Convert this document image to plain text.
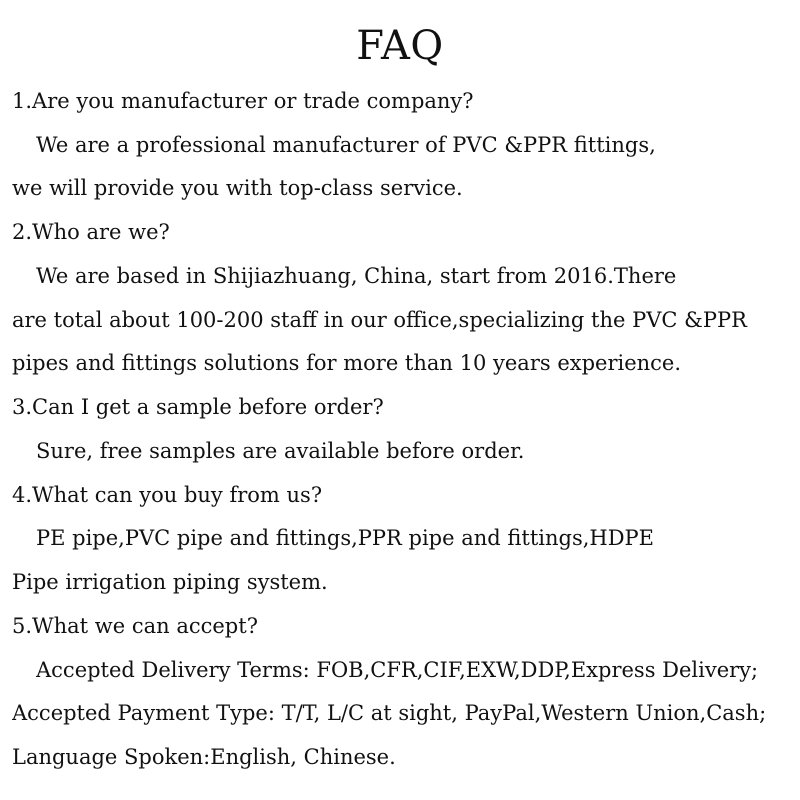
FAQ
1.Are you manufacturer or trade company?
We are a professional manufacturer of PVC &PPR fittings,
we will provide you with top-class service.
2.Who are we?
We are based in Shijiazhuang, China, start from 2016.There
are total about 100-200 staff in our office,specializing the PVC &PPR
pipes and fittings solutions for more than 10 years experience.
3.Can I get a sample before order?
Sure, free samples are available before order.
4.What can you buy from us?
PE pipe,PVC pipe and fittings,PPR pipe and fittings,HDPE
Pipe irrigation piping system.
5.What we can accept?
Accepted Delivery Terms: FOB,CFR,CIF,EXW,DDP,Express Delivery;
Accepted Payment Type: T/T, L/C at sight, PayPal,Western Union,Cash;
Language Spoken:English, Chinese.
